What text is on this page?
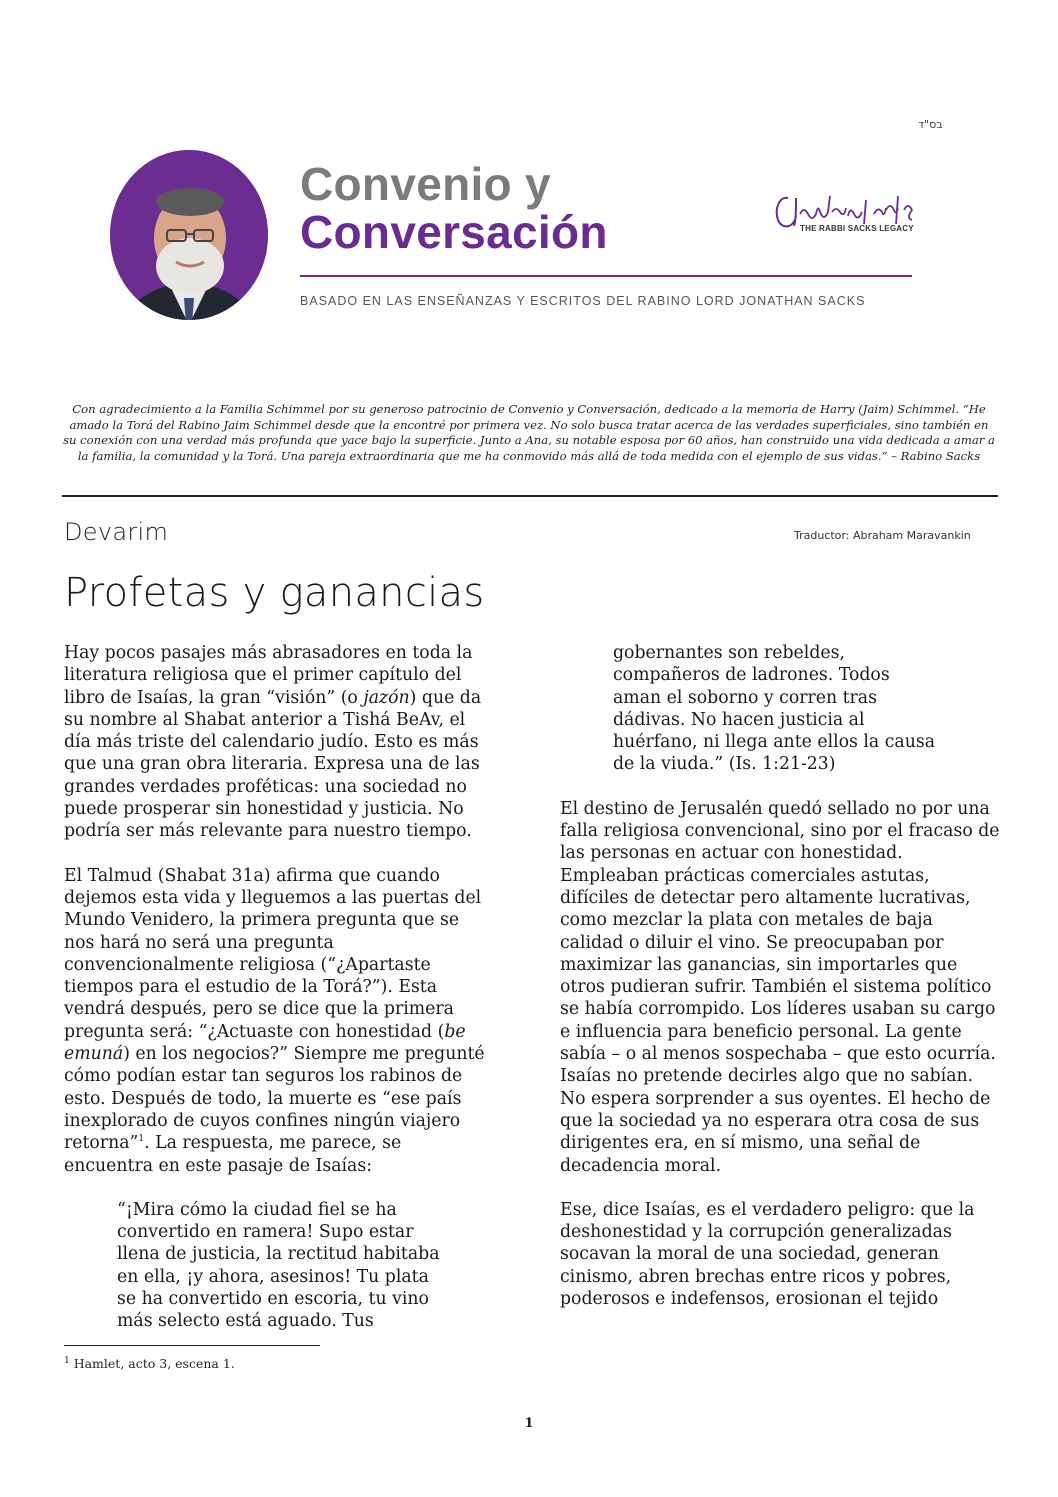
בס"ד
Convenio y
Conversación	THE RABBI SACKS LEGACY
BASADO EN LAS ENSEÑANZAS Y ESCRITOS DEL RABINO LORD JONATHAN SACKS
Con agradecimiento a la Familia Schimmel por su generoso patrocinio de Convenio y Conversación, dedicado a la memoria de Harry (Jaim) Schimmel. “He amado la Torá del Rabino Jaim Schimmel desde que la encontré por primera vez. No solo busca tratar acerca de las verdades superficiales, sino también en su conexión con una verdad más profunda que yace bajo la superficie. Junto a Ana, su notable esposa por 60 años, han construido una vida dedicada a amar a la familia, la comunidad y la Torá. Una pareja extraordinaria que me ha conmovido más allá de toda medida con el ejemplo de sus vidas.” – Rabino Sacks
Devarim	Traductor: Abraham Maravankin
Profetas y ganancias

Hay pocos pasajes más abrasadores en toda la literatura religiosa que el primer capítulo del libro de Isaías, la gran “visión” (o jazón) que da su nombre al Shabat anterior a Tishá BeAv, el día más triste del calendario judío. Esto es más que una gran obra literaria. Expresa una de las grandes verdades proféticas: una sociedad no puede prosperar sin honestidad y justicia. No podría ser más relevante para nuestro tiempo.

El Talmud (Shabat 31a) afirma que cuando dejemos esta vida y lleguemos a las puertas del Mundo Venidero, la primera pregunta que se nos hará no será una pregunta convencionalmente religiosa (“¿Apartaste tiempos para el estudio de la Torá?”). Esta vendrá después, pero se dice que la primera pregunta será: “¿Actuaste con honestidad (be emuná) en los negocios?” Siempre me pregunté cómo podían estar tan seguros los rabinos de esto. Después de todo, la muerte es “ese país inexplorado de cuyos confines ningún viajero retorna”$^1$. La respuesta, me parece, se encuentra en este pasaje de Isaías:

“¡Mira cómo la ciudad fiel se ha convertido en ramera! Supo estar llena de justicia, la rectitud habitaba en ella, ¡y ahora, asesinos! Tu plata se ha convertido en escoria, tu vino más selecto está aguado. Tus

gobernantes son rebeldes, compañeros de ladrones. Todos aman el soborno y corren tras dádivas. No hacen justicia al huérfano, ni llega ante ellos la causa de la viuda.” (Is. 1:21-23)

El destino de Jerusalén quedó sellado no por una falla religiosa convencional, sino por el fracaso de las personas en actuar con honestidad. Empleaban prácticas comerciales astutas, difíciles de detectar pero altamente lucrativas, como mezclar la plata con metales de baja calidad o diluir el vino. Se preocupaban por maximizar las ganancias, sin importarles que otros pudieran sufrir. También el sistema político se había corrompido. Los líderes usaban su cargo e influencia para beneficio personal. La gente sabía – o al menos sospechaba – que esto ocurría. Isaías no pretende decirles algo que no sabían. No espera sorprender a sus oyentes. El hecho de que la sociedad ya no esperara otra cosa de sus dirigentes era, en sí mismo, una señal de decadencia moral.

Ese, dice Isaías, es el verdadero peligro: que la deshonestidad y la corrupción generalizadas socavan la moral de una sociedad, generan cinismo, abren brechas entre ricos y pobres, poderosos e indefensos, erosionan el tejido

$^1$ Hamlet, acto 3, escena 1.
1
